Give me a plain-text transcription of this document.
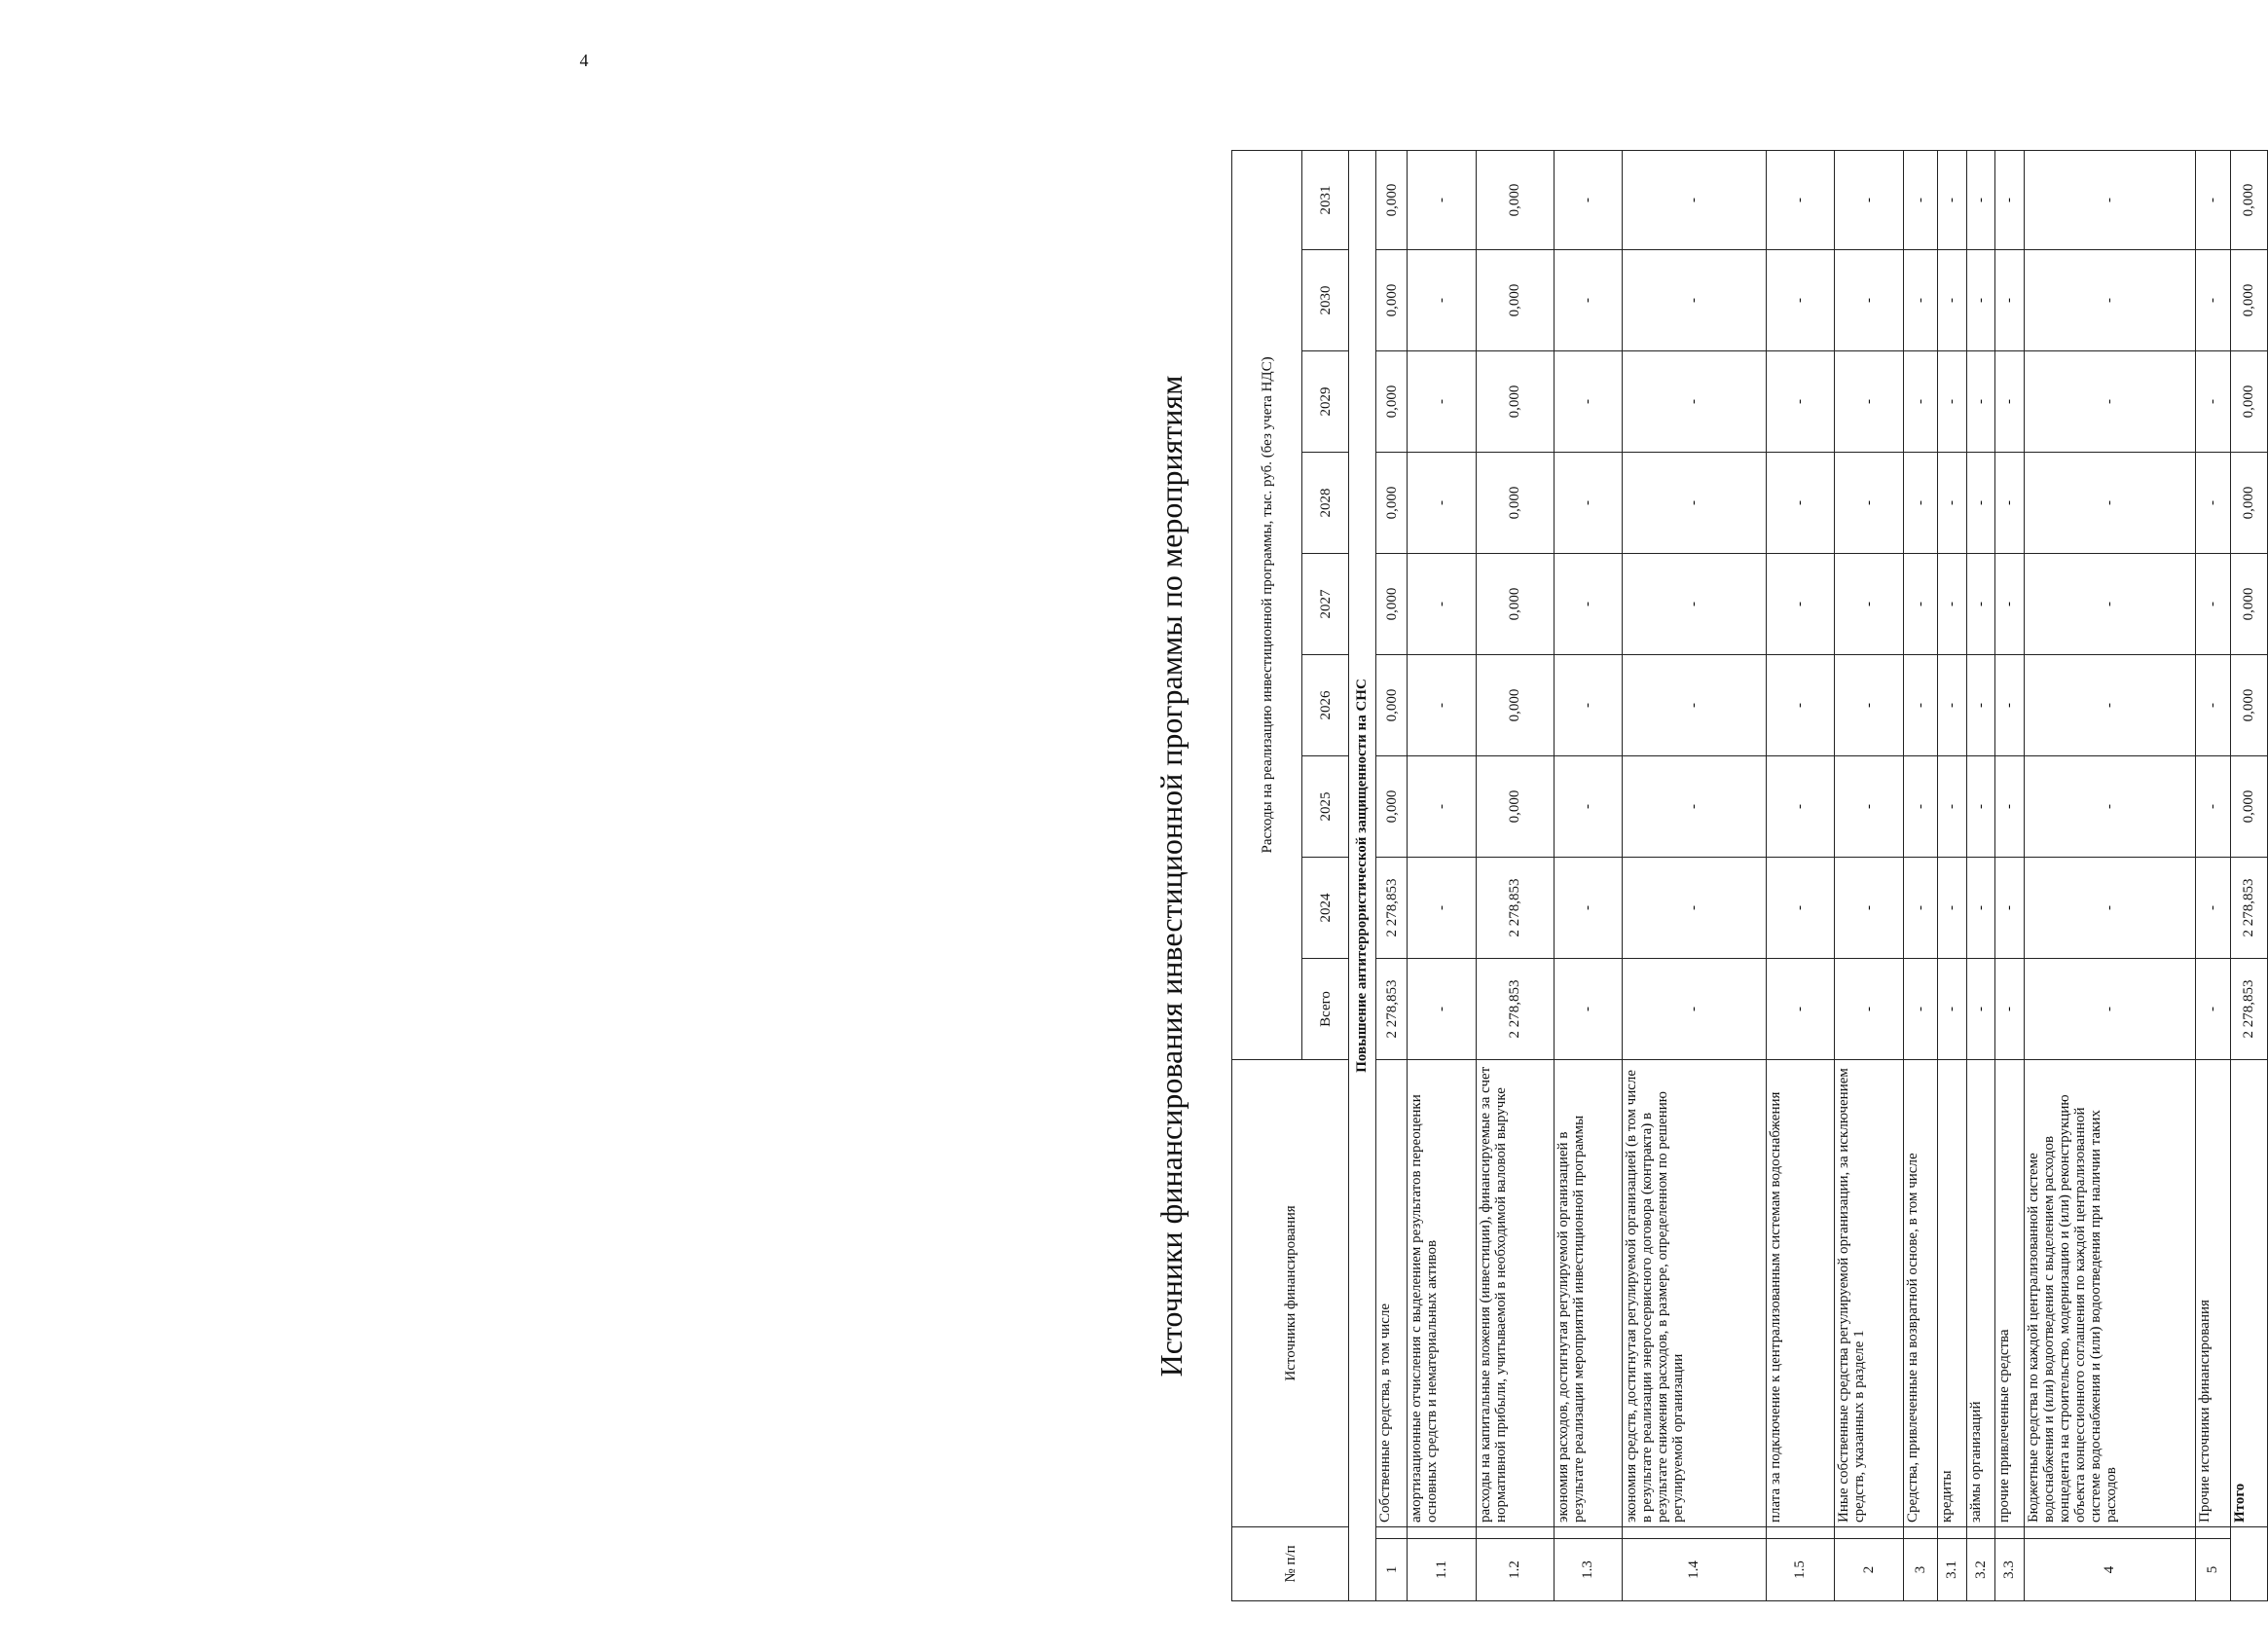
4
Источники финансирования инвестиционной программы по мероприятиям
№ п/п		Источники финансирования	Расходы на реализацию инвестиционной программы, тыс. руб. (без учета НДС)								
			Всего	2024	2025	2026	2027	2028	2029	2030	2031
Повышение антитеррористической защищенности на СНС											
1		Собственные средства, в том числе	2 278,853	2 278,853	0,000	0,000	0,000	0,000	0,000	0,000	0,000
1.1		амортизационные отчисления с выделением результатов переоценки основных средств и нематериальных активов	-	-	-	-	-	-	-	-	-
1.2		расходы на капитальные вложения (инвестиции), финансируемые за счет нормативной прибыли, учитываемой в необходимой валовой выручке	2 278,853	2 278,853	0,000	0,000	0,000	0,000	0,000	0,000	0,000
1.3		экономия расходов, достигнутая регулируемой организацией в результате реализации мероприятий инвестиционной программы	-	-	-	-	-	-	-	-	-
1.4		экономия средств, достигнутая регулируемой организацией (в том числе в результате реализации энергосервисного договора (контракта) в результате снижения расходов, в размере, определенном по решению регулируемой организации	-	-	-	-	-	-	-	-	-
1.5		плата за подключение к централизованным системам водоснабжения	-	-	-	-	-	-	-	-	-
2		Иные собственные средства регулируемой организации, за исключением средств, указанных в разделе 1	-	-	-	-	-	-	-	-	-
3		Средства, привлеченные на возвратной основе, в том числе	-	-	-	-	-	-	-	-	-
3.1		кредиты	-	-	-	-	-	-	-	-	-
3.2		займы организаций	-	-	-	-	-	-	-	-	-
3.3		прочие привлеченные средства	-	-	-	-	-	-	-	-	-
4		Бюджетные средства по каждой централизованной системе водоснабжения и (или) водоотведения с выделением расходов концедента на строительство, модернизацию и (или) реконструкцию объекта концессионного соглашения по каждой централизованной системе водоснабжения и (или) водоотведения при наличии таких расходов	-	-	-	-	-	-	-	-	-
5		Прочие источники финансирования	-	-	-	-	-	-	-	-	-
		Итого	2 278,853	2 278,853	0,000	0,000	0,000	0,000	0,000	0,000	0,000
